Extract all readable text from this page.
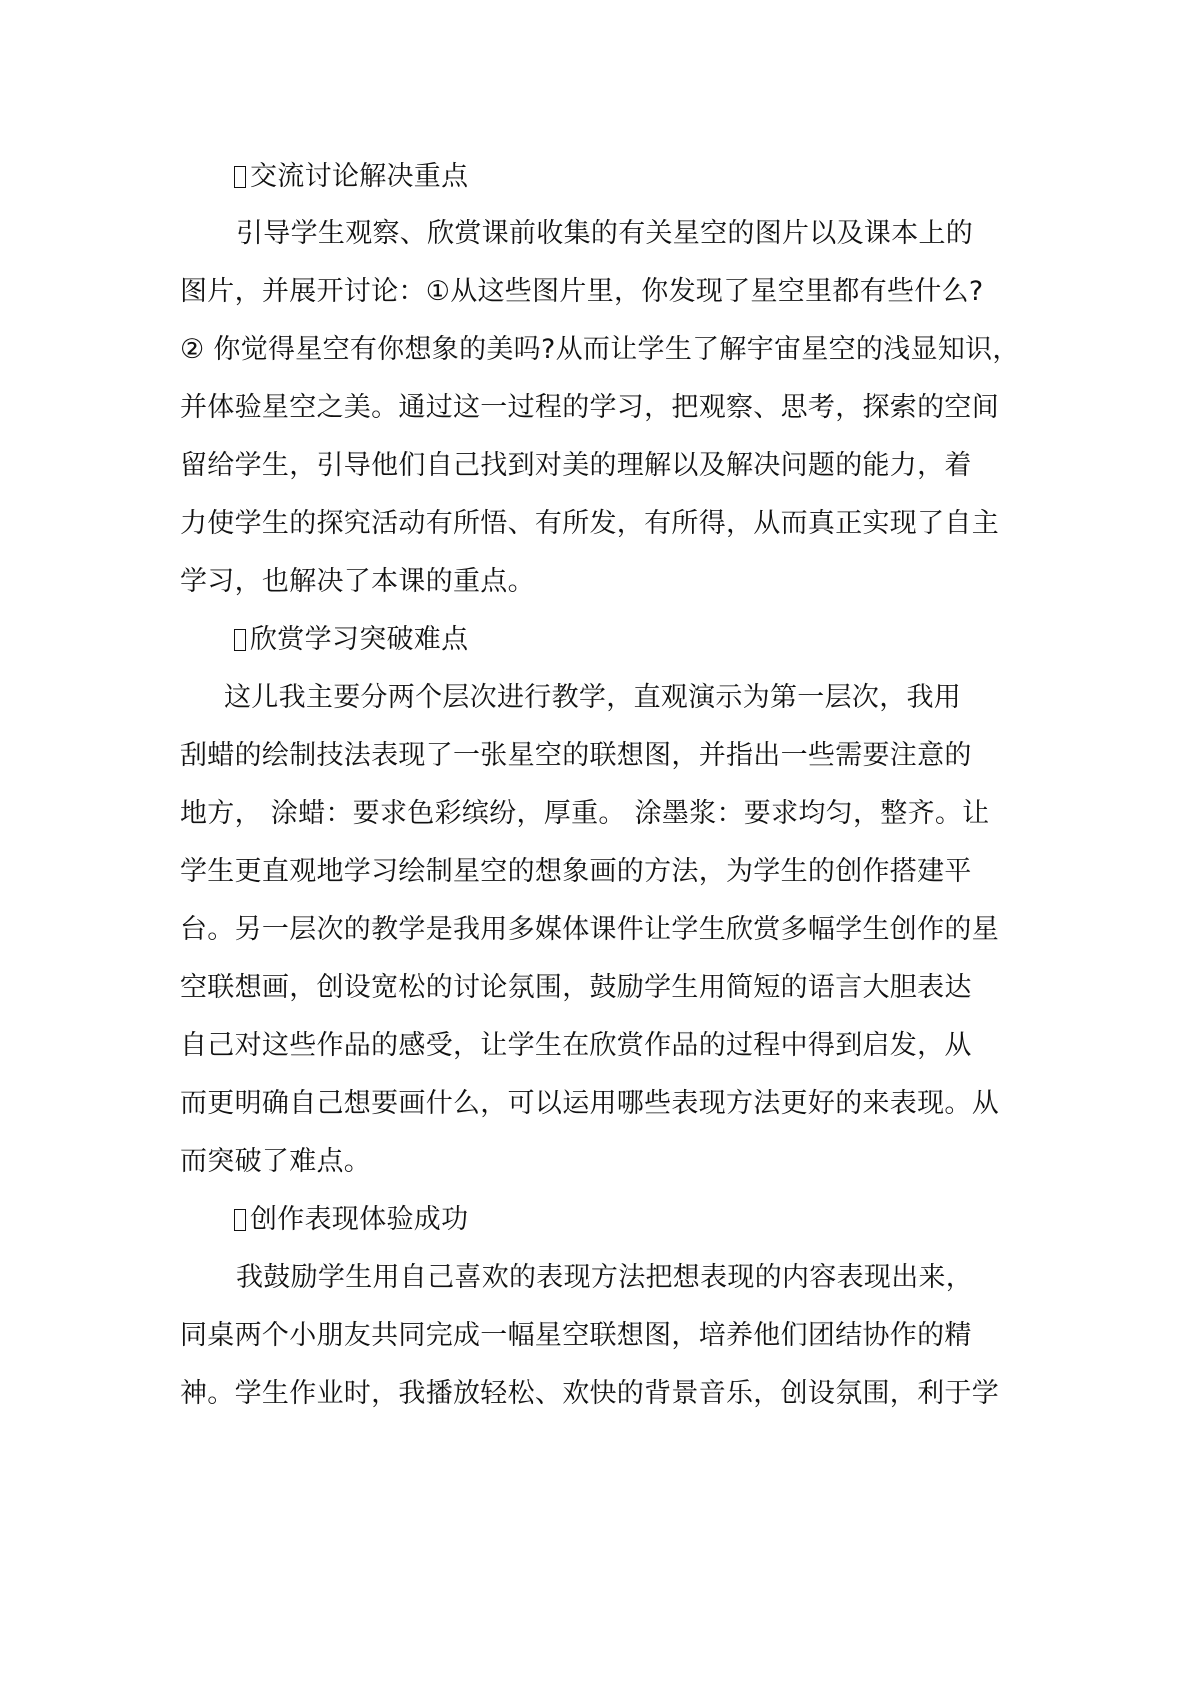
交流讨论解决重点
引导学生观察、欣赏课前收集的有关星空的图片以及课本上的
图片，并展开讨论：①从这些图片里，你发现了星空里都有些什么?
② 你觉得星空有你想象的美吗?从而让学生了解宇宙星空的浅显知识，
并体验星空之美。通过这一过程的学习，把观察、思考，探索的空间
留给学生，引导他们自己找到对美的理解以及解决问题的能力，着
力使学生的探究活动有所悟、有所发，有所得，从而真正实现了自主
学习，也解决了本课的重点。
欣赏学习突破难点
这儿我主要分两个层次进行教学，直观演示为第一层次，我用
刮蜡的绘制技法表现了一张星空的联想图，并指出一些需要注意的
地方， 涂蜡：要求色彩缤纷，厚重。 涂墨浆：要求均匀，整齐。让
学生更直观地学习绘制星空的想象画的方法，为学生的创作搭建平
台。另一层次的教学是我用多媒体课件让学生欣赏多幅学生创作的星
空联想画，创设宽松的讨论氛围，鼓励学生用简短的语言大胆表达
自己对这些作品的感受，让学生在欣赏作品的过程中得到启发，从
而更明确自己想要画什么，可以运用哪些表现方法更好的来表现。从
而突破了难点。
创作表现体验成功
我鼓励学生用自己喜欢的表现方法把想表现的内容表现出来，
同桌两个小朋友共同完成一幅星空联想图，培养他们团结协作的精
神。学生作业时，我播放轻松、欢快的背景音乐，创设氛围，利于学
